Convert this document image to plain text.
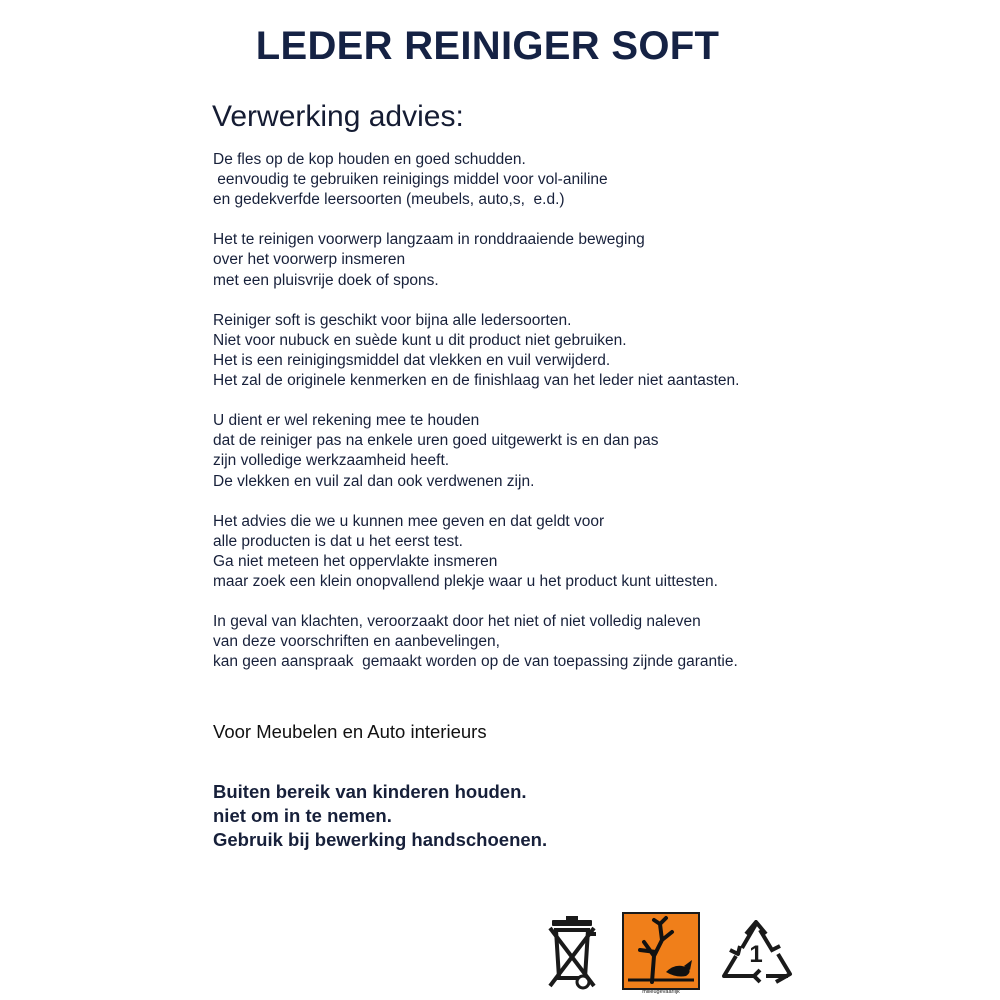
LEDER REINIGER SOFT
Verwerking advies:
De fles op de kop houden en goed schudden.
eenvoudig te gebruiken reinigings middel voor vol-aniline
en gedekverfde leersoorten (meubels, auto,s,  e.d.)
Het te reinigen voorwerp langzaam in ronddraaiende beweging
over het voorwerp insmeren
met een pluisvrije doek of spons.
Reiniger soft is geschikt voor bijna alle ledersoorten.
Niet voor nubuck en suède kunt u dit product niet gebruiken.
Het is een reinigingsmiddel dat vlekken en vuil verwijderd.
Het zal de originele kenmerken en de finishlaag van het leder niet aantasten.
U dient er wel rekening mee te houden
dat de reiniger pas na enkele uren goed uitgewerkt is en dan pas
zijn volledige werkzaamheid heeft.
De vlekken en vuil zal dan ook verdwenen zijn.
Het advies die we u kunnen mee geven en dat geldt voor
alle producten is dat u het eerst test.
Ga niet meteen het oppervlakte insmeren
maar zoek een klein onopvallend plekje waar u het product kunt uittesten.
In geval van klachten, veroorzaakt door het niet of niet volledig naleven
van deze voorschriften en aanbevelingen,
kan geen aanspraak  gemaakt worden op de van toepassing zijnde garantie.
Voor Meubelen en Auto interieurs
Buiten bereik van kinderen houden.
niet om in te nemen.
Gebruik bij bewerking handschoenen.
milieugevaarlijk
1
